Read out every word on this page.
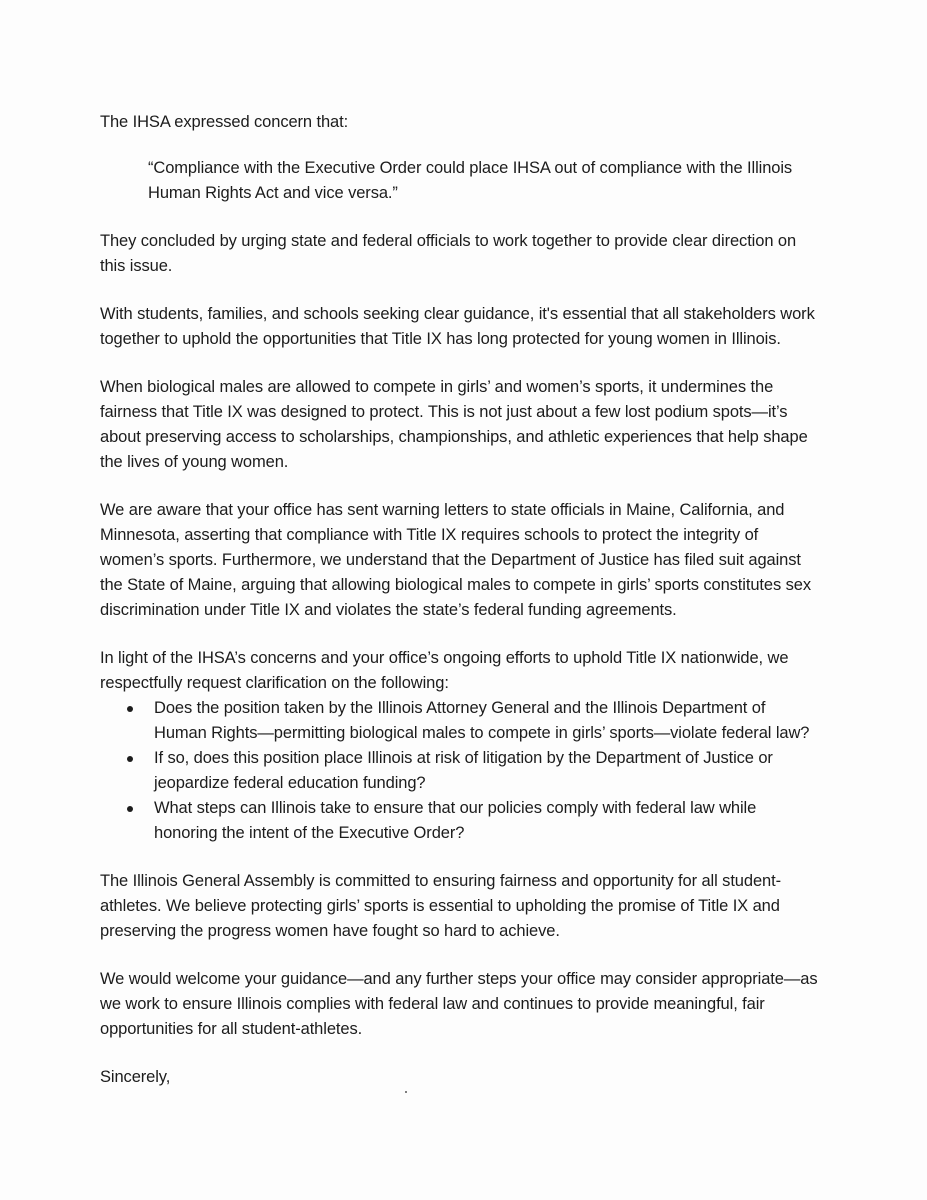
The IHSA expressed concern that:

“Compliance with the Executive Order could place IHSA out of compliance with the Illinois Human Rights Act and vice versa.”

They concluded by urging state and federal officials to work together to provide clear direction on this issue.

With students, families, and schools seeking clear guidance, it's essential that all stakeholders work together to uphold the opportunities that Title IX has long protected for young women in Illinois.

When biological males are allowed to compete in girls’ and women’s sports, it undermines the fairness that Title IX was designed to protect. This is not just about a few lost podium spots—it’s about preserving access to scholarships, championships, and athletic experiences that help shape the lives of young women.

We are aware that your office has sent warning letters to state officials in Maine, California, and Minnesota, asserting that compliance with Title IX requires schools to protect the integrity of women’s sports. Furthermore, we understand that the Department of Justice has filed suit against the State of Maine, arguing that allowing biological males to compete in girls’ sports constitutes sex discrimination under Title IX and violates the state’s federal funding agreements.

In light of the IHSA’s concerns and your office’s ongoing efforts to uphold Title IX nationwide, we respectfully request clarification on the following:

Does the position taken by the Illinois Attorney General and the Illinois Department of Human Rights—permitting biological males to compete in girls’ sports—violate federal law?
If so, does this position place Illinois at risk of litigation by the Department of Justice or jeopardize federal education funding?
What steps can Illinois take to ensure that our policies comply with federal law while honoring the intent of the Executive Order?

The Illinois General Assembly is committed to ensuring fairness and opportunity for all student-athletes. We believe protecting girls’ sports is essential to upholding the promise of Title IX and preserving the progress women have fought so hard to achieve.

We would welcome your guidance—and any further steps your office may consider appropriate—as we work to ensure Illinois complies with federal law and continues to provide meaningful, fair opportunities for all student-athletes.

Sincerely,
